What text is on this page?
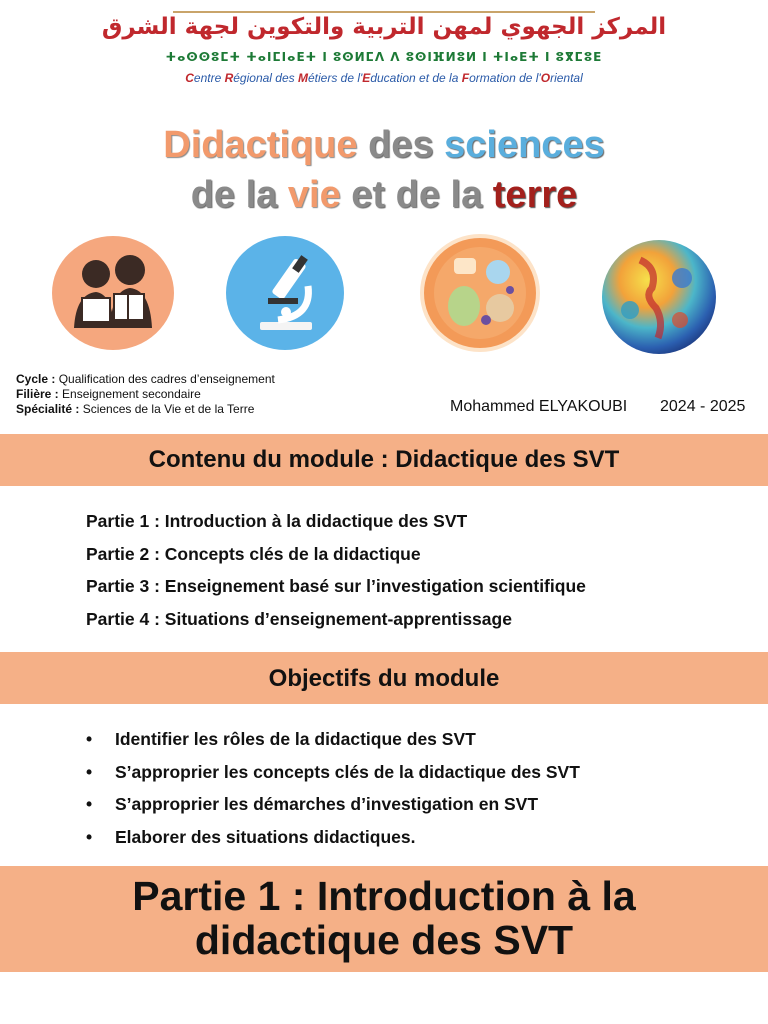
المركز الجهوي لمهن التربية والتكوين لجهة الشرق
ⵜⴰⵙⵙⵓⵎⵜ ⵜⴰⵏⵎⵏⴰⴹⵜ ⵏ ⵓⵙⵍⵎⴷ ⴷ ⵓⵙⵏⴼⵍⵓⵍ ⵏ ⵜⵏⴰⴹⵜ ⵏ ⵓⴳⵎⵓⴹ
Centre Régional des Métiers de l'Education et de la Formation de l'Oriental
Didactique des sciences
de la vie et de la terre
Cycle : Qualification des cadres d’enseignement
Filière : Enseignement secondaire
Spécialité : Sciences de la Vie et de la Terre	Mohammed ELYAKOUBI 2024 - 2025
Contenu du module : Didactique des SVT
Partie 1 : Introduction à la didactique des SVT
Partie 2 : Concepts clés de la didactique
Partie 3 : Enseignement basé sur l’investigation scientifique
Partie 4 : Situations d’enseignement-apprentissage
Objectifs du module
• Identifier les rôles de la didactique des SVT
• S’approprier les concepts clés de la didactique des SVT
• S’approprier les démarches d’investigation en SVT
• Elaborer des situations didactiques.
Partie 1 : Introduction à la
didactique des SVT
